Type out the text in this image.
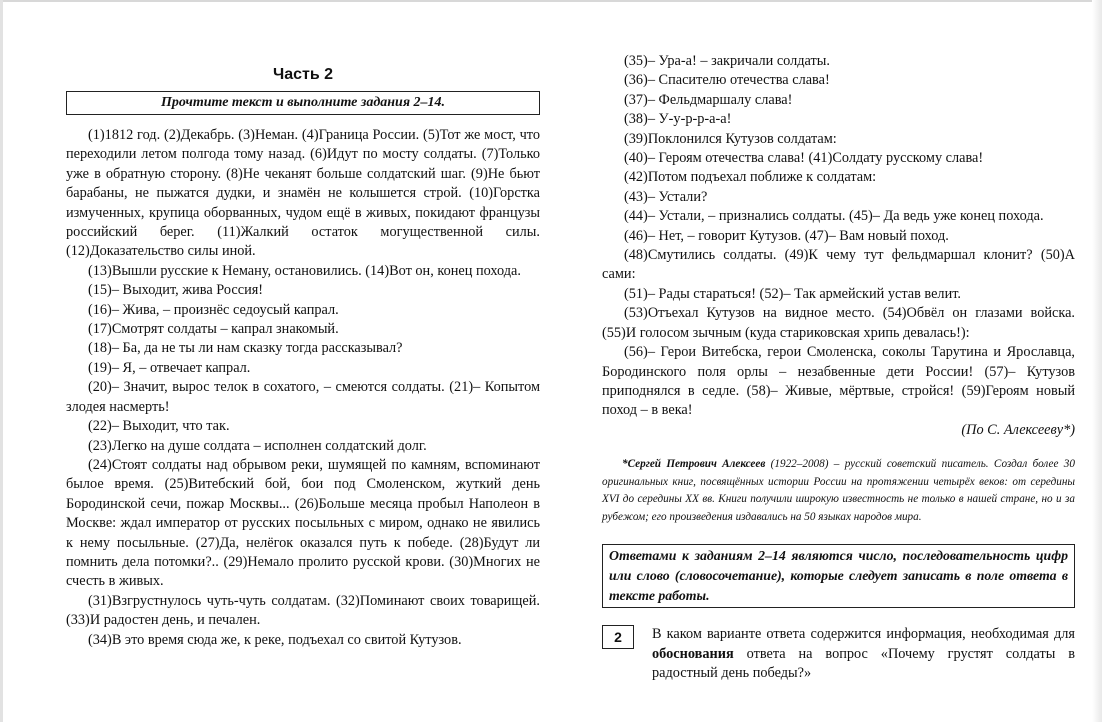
Часть 2
Прочтите текст и выполните задания 2–14.

(1)1812 год. (2)Декабрь. (3)Неман. (4)Граница России. (5)Тот же мост, что переходили летом полгода тому назад. (6)Идут по мосту солдаты. (7)Только уже в обратную сторону. (8)Не чеканят больше солдатский шаг. (9)Не бьют барабаны, не пыжатся дудки, и знамён не колышется строй. (10)Горстка измученных, крупица оборванных, чудом ещё в живых, покидают французы российский берег. (11)Жалкий остаток могущественной силы. (12)Доказательство силы иной.

(13)Вышли русские к Неману, остановились. (14)Вот он, конец похода.

(15)– Выходит, жива Россия!

(16)– Жива, – произнёс седоусый капрал.

(17)Смотрят солдаты – капрал знакомый.

(18)– Ба, да не ты ли нам сказку тогда рассказывал?

(19)– Я, – отвечает капрал.

(20)– Значит, вырос телок в сохатого, – смеются солдаты. (21)– Копытом злодея насмерть!

(22)– Выходит, что так.

(23)Легко на душе солдата – исполнен солдатский долг.

(24)Стоят солдаты над обрывом реки, шумящей по камням, вспоминают былое время. (25)Витебский бой, бои под Смоленском, жуткий день Бородинской сечи, пожар Москвы... (26)Больше месяца пробыл Наполеон в Москве: ждал император от русских посыльных с миром, однако не явились к нему посыльные. (27)Да, нелёгок оказался путь к победе. (28)Будут ли помнить дела потомки?.. (29)Немало пролито русской крови. (30)Многих не счесть в живых.

(31)Взгрустнулось чуть-чуть солдатам. (32)Поминают своих товарищей. (33)И радостен день, и печален.

(34)В это время сюда же, к реке, подъехал со свитой Кутузов.

(35)– Ура-а! – закричали солдаты.

(36)– Спасителю отечества слава!

(37)– Фельдмаршалу слава!

(38)– У-у-р-р-а-а!

(39)Поклонился Кутузов солдатам:

(40)– Героям отечества слава! (41)Солдату русскому слава!

(42)Потом подъехал поближе к солдатам:

(43)– Устали?

(44)– Устали, – признались солдаты. (45)– Да ведь уже конец похода.

(46)– Нет, – говорит Кутузов. (47)– Вам новый поход.

(48)Смутились солдаты. (49)К чему тут фельдмаршал клонит? (50)А сами:

(51)– Рады стараться! (52)– Так армейский устав велит.

(53)Отъехал Кутузов на видное место. (54)Обвёл он глазами войска. (55)И голосом зычным (куда стариковская хрипь девалась!):

(56)– Герои Витебска, герои Смоленска, соколы Тарутина и Ярославца, Бородинского поля орлы – незабвенные дети России! (57)– Кутузов приподнялся в седле. (58)– Живые, мёртвые, стройся! (59)Героям новый поход – в века!

(По С. Алексееву*)
*Сергей Петрович Алексеев (1922–2008) – русский советский писатель. Создал более 30 оригинальных книг, посвящённых истории России на протяжении четырёх веков: от середины XVI до середины XX вв. Книги получили широкую известность не только в нашей стране, но и за рубежом; его произведения издавались на 50 языках народов мира.
Ответами к заданиям 2–14 являются число, последовательность цифр или слово (словосочетание), которые следует записать в поле ответа в тексте работы.
2	В каком варианте ответа содержится информация, необходимая для обоснования ответа на вопрос «Почему грустят солдаты в радостный день победы?»
